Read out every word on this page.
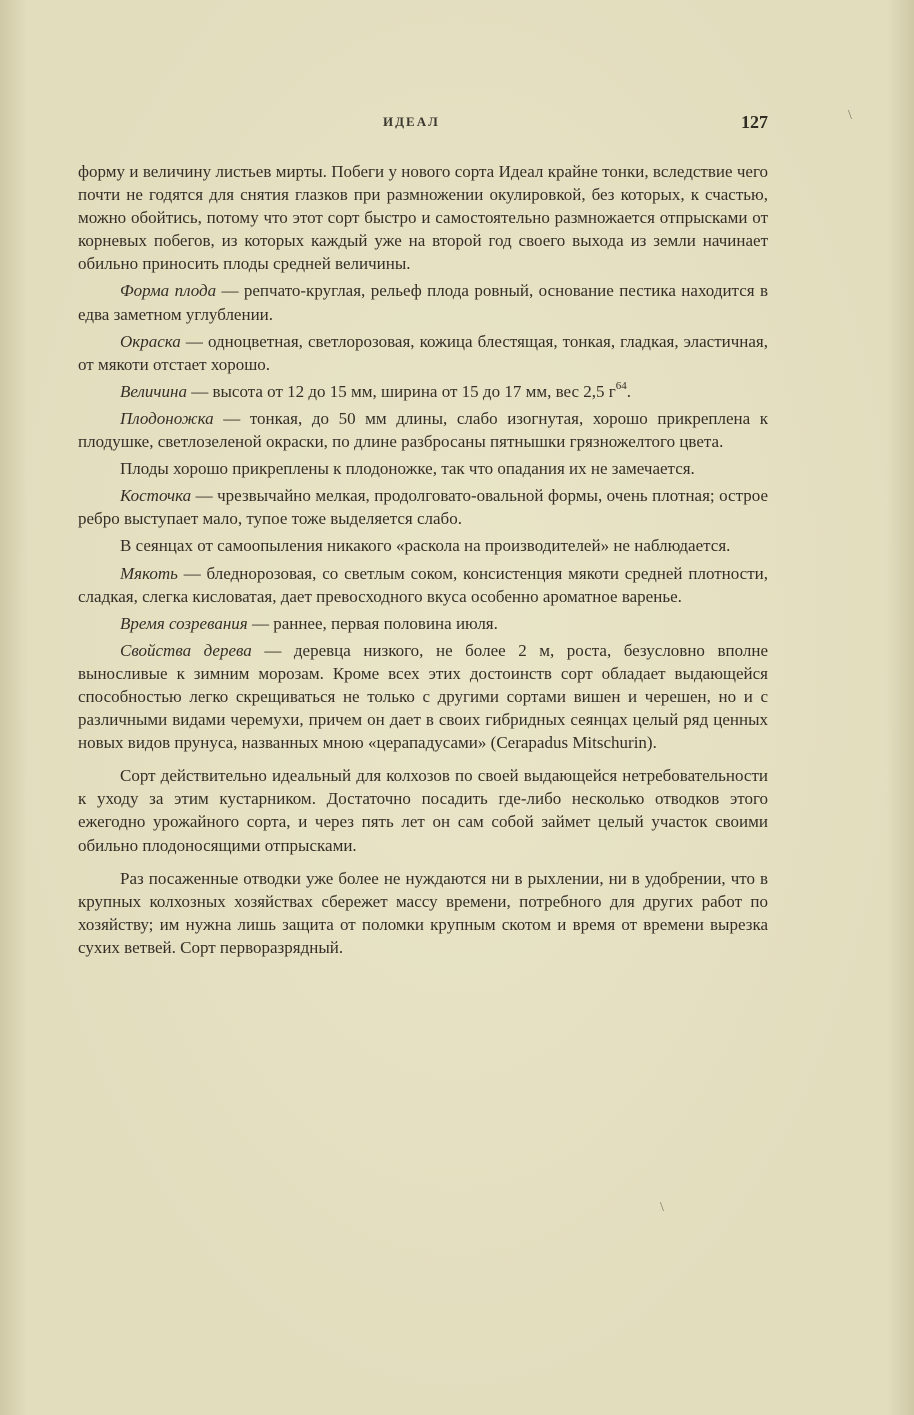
ИДЕАЛ	127	\

форму и величину листьев мирты. Побеги у нового сорта Идеал крайне тонки, вследствие чего почти не годятся для снятия глазков при размножении окулировкой, без которых, к счастью, можно обойтись, потому что этот сорт быстро и самостоятельно размножается отпрысками от корневых побегов, из которых каждый уже на второй год своего выхода из земли начинает обильно приносить плоды средней величины.

Форма плода — репчато-круглая, рельеф плода ровный, основание пестика находится в едва заметном углублении.

Окраска — одноцветная, светлорозовая, кожица блестящая, тонкая, гладкая, эластичная, от мякоти отстает хорошо.

Величина — высота от 12 до 15 мм, ширина от 15 до 17 мм, вес 2,5 $г^{64}$.

Плодоножка — тонкая, до 50 мм длины, слабо изогнутая, хорошо прикреплена к плодушке, светлозеленой окраски, по длине разбросаны пятнышки грязножелтого цвета.

Плоды хорошо прикреплены к плодоножке, так что опадания их не замечается.

Косточка — чрезвычайно мелкая, продолговато-овальной формы, очень плотная; острое ребро выступает мало, тупое тоже выделяется слабо.

В сеянцах от самоопыления никакого «раскола на производителей» не наблюдается.

Мякоть — бледнорозовая, со светлым соком, консистенция мякоти средней плотности, сладкая, слегка кисловатая, дает превосходного вкуса особенно ароматное варенье.

Время созревания — раннее, первая половина июля.

Свойства дерева — деревца низкого, не более 2 м, роста, безусловно вполне выносливые к зимним морозам. Кроме всех этих достоинств сорт обладает выдающейся способностью легко скрещиваться не только с другими сортами вишен и черешен, но и с различными видами черемухи, причем он дает в своих гибридных сеянцах целый ряд ценных новых видов прунуса, названных мною «церападусами» (Cerapadus Mitschurin).

Сорт действительно идеальный для колхозов по своей выдающейся нетребовательности к уходу за этим кустарником. Достаточно посадить где-либо несколько отводков этого ежегодно урожайного сорта, и через пять лет он сам собой займет целый участок своими обильно плодоносящими отпрысками.

Раз посаженные отводки уже более не нуждаются ни в рыхлении, ни в удобрении, что в крупных колхозных хозяйствах сбережет массу времени, потребного для других работ по хозяйству; им нужна лишь защита от поломки крупным скотом и время от времени вырезка сухих ветвей. Сорт перворазрядный.

\
